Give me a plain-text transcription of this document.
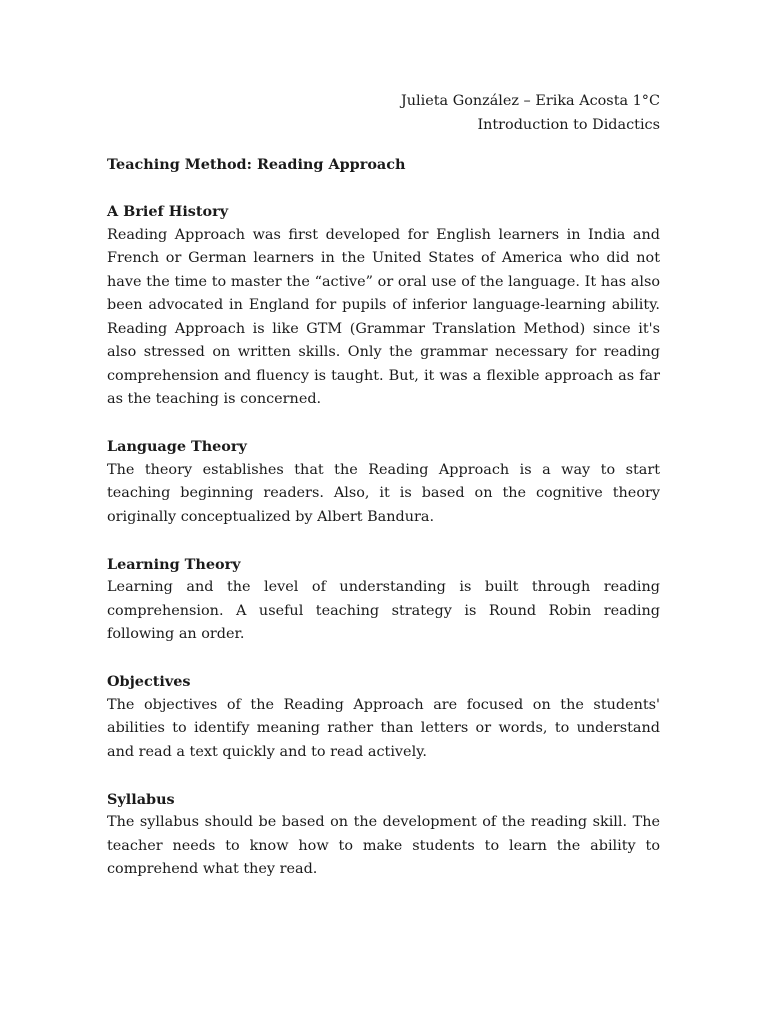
Julieta González – Erika Acosta 1°C
Introduction to Didactics
Teaching Method: Reading Approach
A Brief History

Reading Approach was first developed for English learners in India and French or German learners in the United States of America who did not have the time to master the “active” or oral use of the language. It has also been advocated in England for pupils of inferior language-learning ability. Reading Approach is like GTM (Grammar Translation Method) since it's also stressed on written skills. Only the grammar necessary for reading comprehension and fluency is taught. But, it was a flexible approach as far as the teaching is concerned.

Language Theory

The theory establishes that the Reading Approach is a way to start teaching beginning readers. Also, it is based on the cognitive theory originally conceptualized by Albert Bandura.

Learning Theory

Learning and the level of understanding is built through reading comprehension. A useful teaching strategy is Round Robin reading following an order.

Objectives

The objectives of the Reading Approach are focused on the students' abilities to identify meaning rather than letters or words, to understand and read a text quickly and to read actively.

Syllabus

The syllabus should be based on the development of the reading skill. The teacher needs to know how to make students to learn the ability to comprehend what they read.
